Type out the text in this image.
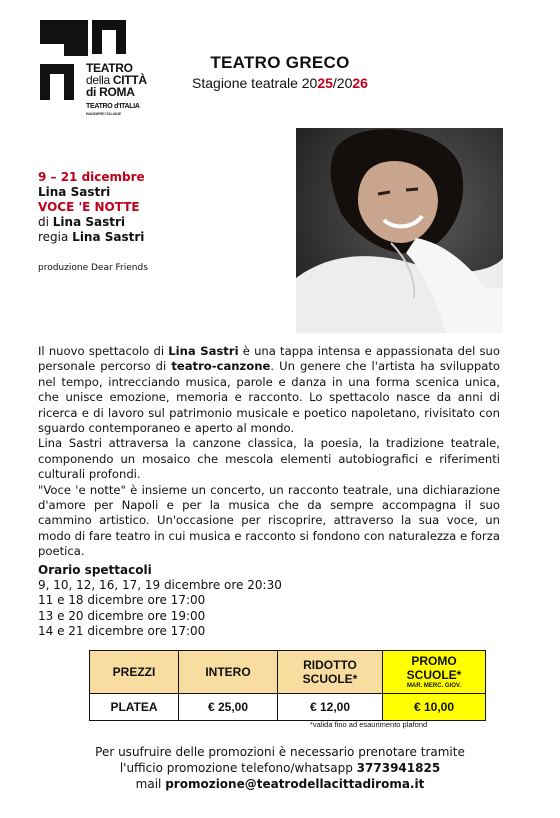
TEATRO
della CITTÀ
di ROMA
TEATRO d'ITALIA
BANDIERE ITALIANE
TEATRO GRECO
Stagione teatrale 2025/2026
9 – 21 dicembre
Lina Sastri
VOCE 'E NOTTE
di Lina Sastri
regia Lina Sastri
produzione Dear Friends

Il nuovo spettacolo di Lina Sastri è una tappa intensa e appassionata del suo personale percorso di teatro-canzone. Un genere che l'artista ha sviluppato nel tempo, intrecciando musica, parole e danza in una forma scenica unica, che unisce emozione, memoria e racconto. Lo spettacolo nasce da anni di ricerca e di lavoro sul patrimonio musicale e poetico napoletano, rivisitato con sguardo contemporaneo e aperto al mondo.

Lina Sastri attraversa la canzone classica, la poesia, la tradizione teatrale, componendo un mosaico che mescola elementi autobiografici e riferimenti culturali profondi.

"Voce 'e notte" è insieme un concerto, un racconto teatrale, una dichiarazione d'amore per Napoli e per la musica che da sempre accompagna il suo cammino artistico. Un'occasione per riscoprire, attraverso la sua voce, un modo di fare teatro in cui musica e racconto si fondono con naturalezza e forza poetica.

Orario spettacoli
9, 10, 12, 16, 17, 19 dicembre ore 20:30
11 e 18 dicembre ore 17:00
13 e 20 dicembre ore 19:00
14 e 21 dicembre ore 17:00
PREZZI	INTERO	RIDOTTO SCUOLE*	PROMO SCUOLE*
MAR. MERC. GIOV.

PLATEA	€ 25,00	€ 12,00	€ 10,00
*valida fino ad esaurimento plafond
Per usufruire delle promozioni è necessario prenotare tramite
l'ufficio promozione telefono/whatsapp 3773941825
mail promozione@teatrodellacittadiroma.it
